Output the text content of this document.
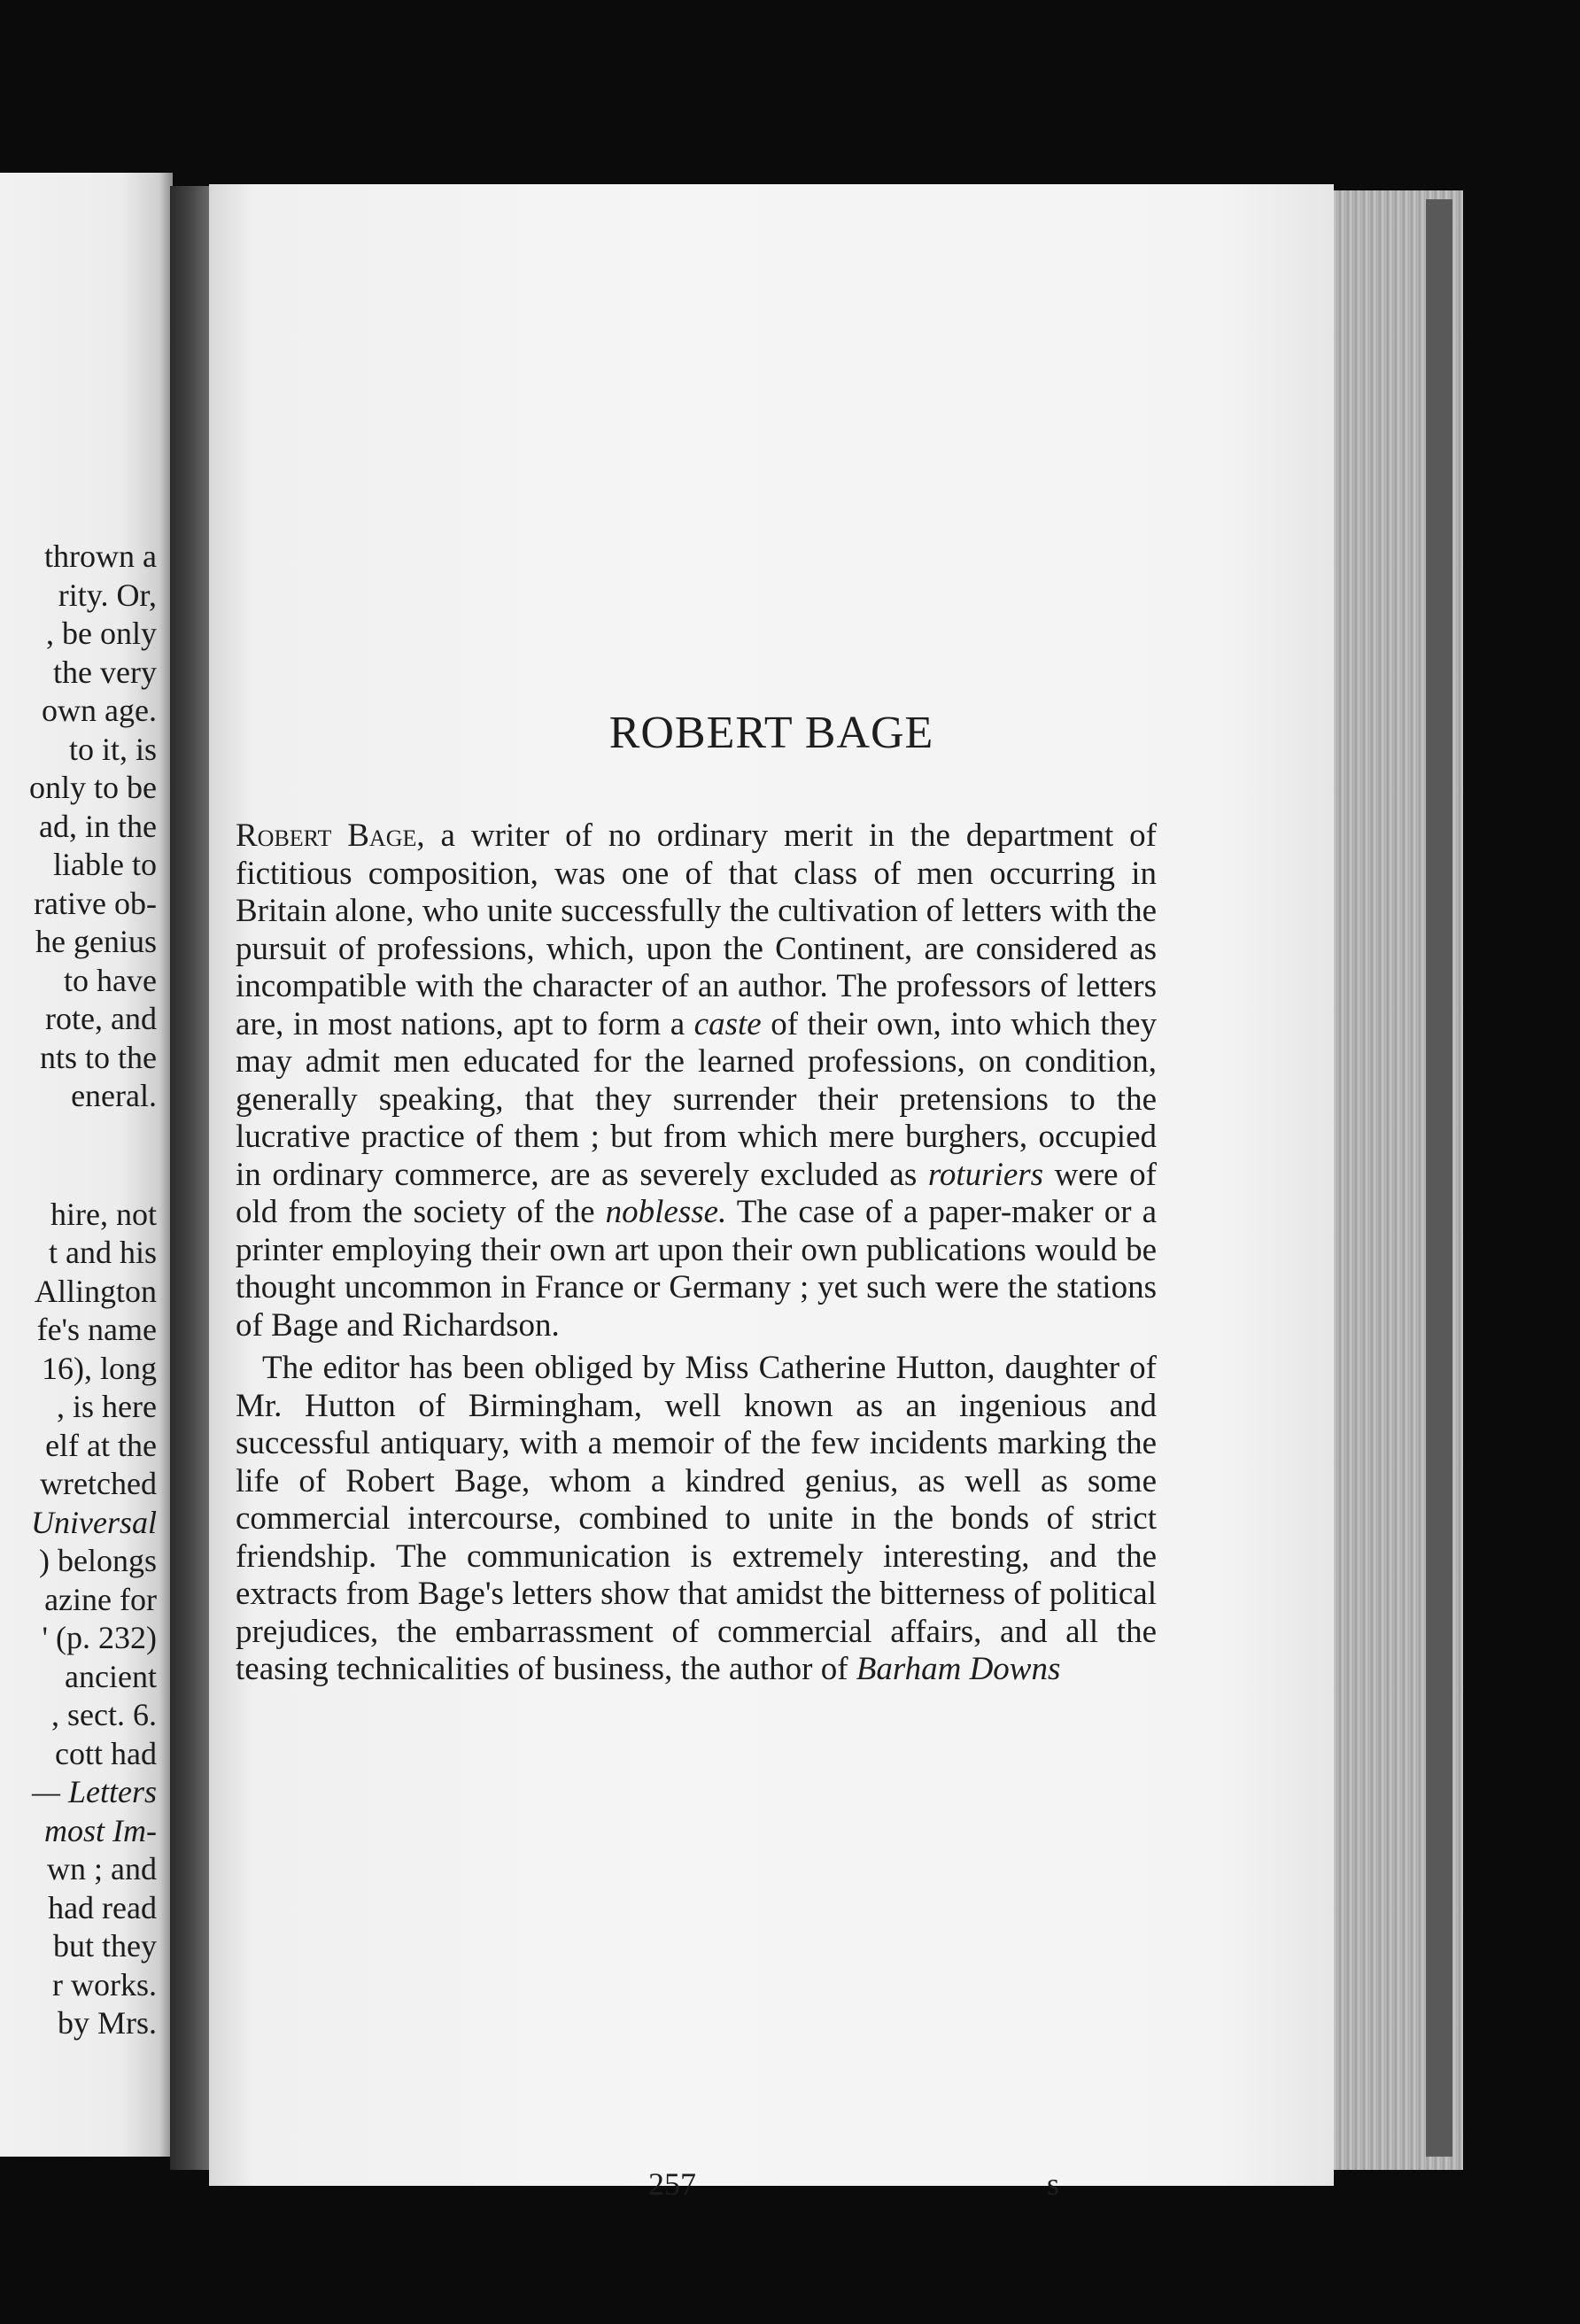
thrown a
rity. Or,
, be only
the very
own age.
to it, is
only to be
ad, in the
liable to
rative ob-
he genius
to have
rote, and
nts to the
eneral.
hire, not
t and his
Allington
fe's name
16), long
, is here
elf at the
wretched
Universal
) belongs
azine for
' (p. 232)
ancient
, sect. 6.
cott had
— Letters
most Im-
wn ; and
had read
but they
r works.
by Mrs.
ROBERT BAGE

Robert Bage, a writer of no ordinary merit in the department of fictitious composition, was one of that class of men occurring in Britain alone, who unite successfully the cultivation of letters with the pursuit of professions, which, upon the Continent, are considered as incompatible with the character of an author. The professors of letters are, in most nations, apt to form a caste of their own, into which they may admit men educated for the learned professions, on condition, generally speaking, that they surrender their pretensions to the lucrative practice of them ; but from which mere burghers, occupied in ordinary commerce, are as severely excluded as roturiers were of old from the society of the noblesse. The case of a paper-maker or a printer employing their own art upon their own publications would be thought uncommon in France or Germany ; yet such were the stations of Bage and Richardson.

The editor has been obliged by Miss Catherine Hutton, daughter of Mr. Hutton of Birmingham, well known as an ingenious and successful antiquary, with a memoir of the few incidents marking the life of Robert Bage, whom a kindred genius, as well as some commercial intercourse, combined to unite in the bonds of strict friendship. The communication is extremely interesting, and the extracts from Bage's letters show that amidst the bitterness of political prejudices, the embarrassment of commercial affairs, and all the teasing technicalities of business, the author of Barham Downs

257	s
